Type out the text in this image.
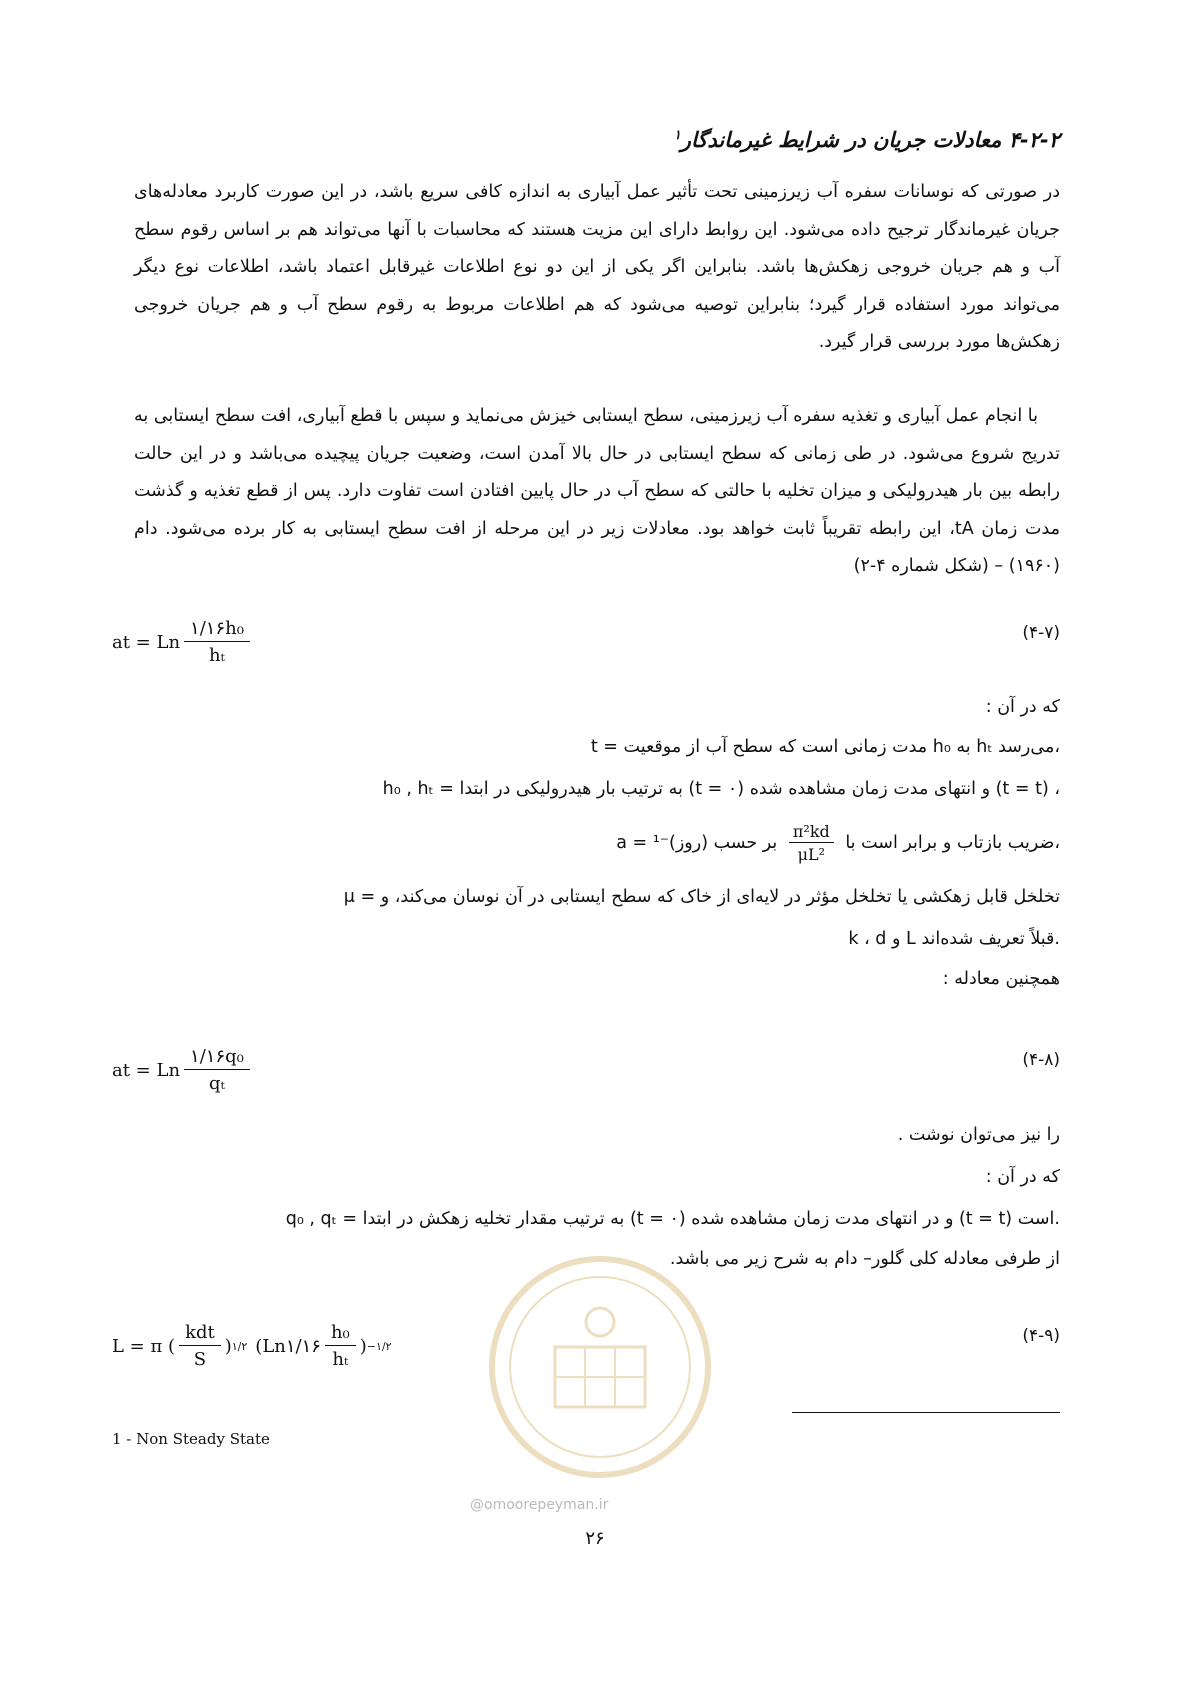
۴-۲-۲ معادلات جریان در شرایط غیرماندگار$^۱$
در صورتی که نوسانات سفره آب زیرزمینی تحت تأثیر عمل آبیاری به اندازه کافی سریع باشد، در این صورت کاربرد معادله‌های جریان غیرماندگار ترجیح داده می‌شود. این روابط دارای این مزیت هستند که محاسبات با آنها می‌تواند هم بر اساس رقوم سطح آب و هم جریان خروجی زهکش‌ها باشد. بنابراین اگر یکی از این دو نوع اطلاعات غیرقابل اعتماد باشد، اطلاعات نوع دیگر می‌تواند مورد استفاده قرار گیرد؛ بنابراین توصیه می‌شود که هم اطلاعات مربوط به رقوم سطح آب و هم جریان خروجی زهکش‌ها مورد بررسی قرار گیرد.
با انجام عمل آبیاری و تغذیه سفره آب زیرزمینی، سطح ایستابی خیزش می‌نماید و سپس با قطع آبیاری، افت سطح ایستابی به تدریج شروع می‌شود. در طی زمانی که سطح ایستابی در حال بالا آمدن است، وضعیت جریان پیچیده می‌باشد و در این حالت رابطه بین بار هیدرولیکی و میزان تخلیه با حالتی که سطح آب در حال پایین افتادن است تفاوت دارد. پس از قطع تغذیه و گذشت مدت زمان tA، این رابطه تقریباً ثابت خواهد بود. معادلات زیر در این مرحله از افت سطح ایستابی به کار برده می‌شود. دام (۱۹۶۰) – (شکل شماره ۴-۲)
at = Ln $\frac{\text{۱/۱۶h₀}}{\text{hₜ}}$	(۴-۷)
که در آن :
t = مدت زمانی است که سطح آب از موقعیت h₀ به hₜ می‌رسد،
h₀ , hₜ = به ترتیب بار هیدرولیکی در ابتدا (t = ۰) و انتهای مدت زمان مشاهده شده (t = t) ،
a = ضریب بازتاب و برابر است با
$\frac{\text{π²kd}}{\text{μL²}}$
بر حسب (روز)⁻¹،
μ = تخلخل قابل زهکشی یا تخلخل مؤثر در لایه‌ای از خاک که سطح ایستابی در آن نوسان می‌کند، و
k ، d و L قبلاً تعریف شده‌اند.
همچنین معادله :
at = Ln $\frac{\text{۱/۱۶q₀}}{\text{qₜ}}$	(۴-۸)
را نیز می‌توان نوشت .
که در آن :
q₀ , qₜ = به ترتیب مقدار تخلیه زهکش در ابتدا (t = ۰) و در انتهای مدت زمان مشاهده شده (t = t) است.
از طرفی معادله کلی گلور– دام به شرح زیر می باشد.
L = π ( $\frac{\text{kdt}}{S}$ ) ۱/۲ (Ln۱/۱۶ $\frac{\text{h₀}}{\text{hₜ}}$ ) −۱/۲	(۴-۹)
1 - Non Steady State
@omoorepeyman.ir
۲۶
